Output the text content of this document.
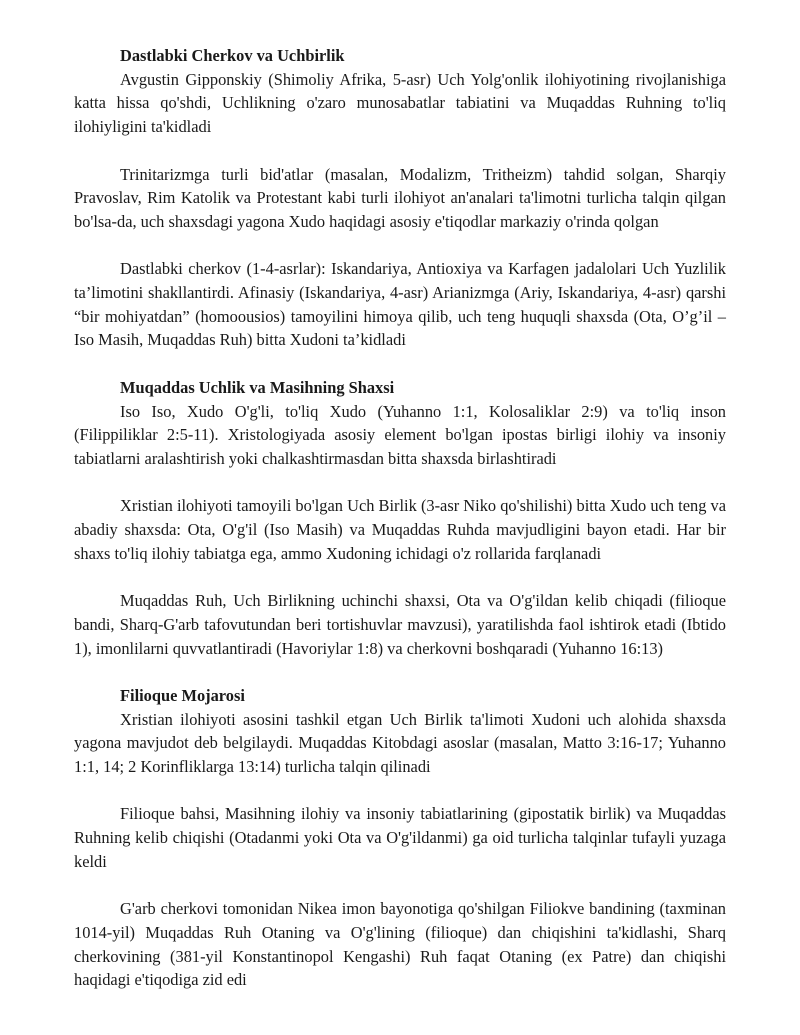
Dastlabki Cherkov va Uchbirlik

Avgustin Gipponskiy (Shimoliy Afrika, 5-asr) Uch Yolg'onlik ilohiyotining rivojlanishiga katta hissa qo'shdi, Uchlikning o'zaro munosabatlar tabiatini va Muqaddas Ruhning to'liq ilohiyligini ta'kidladi

Trinitarizmga turli bid'atlar (masalan, Modalizm, Tritheizm) tahdid solgan, Sharqiy Pravoslav, Rim Katolik va Protestant kabi turli ilohiyot an'analari ta'limotni turlicha talqin qilgan bo'lsa-da, uch shaxsdagi yagona Xudo haqidagi asosiy e'tiqodlar markaziy o'rinda qolgan

Dastlabki cherkov (1-4-asrlar): Iskandariya, Antioxiya va Karfagen jadalolari Uch Yuzlilik ta’limotini shakllantirdi. Afinasiy (Iskandariya, 4-asr) Arianizmga (Ariy, Iskandariya, 4-asr) qarshi “bir mohiyatdan” (homoousios) tamoyilini himoya qilib, uch teng huquqli shaxsda (Ota, O’g’il – Iso Masih, Muqaddas Ruh) bitta Xudoni ta’kidladi

Muqaddas Uchlik va Masihning Shaxsi

Iso Iso, Xudo O'g'li, to'liq Xudo (Yuhanno 1:1, Kolosaliklar 2:9) va to'liq inson (Filippiliklar 2:5-11). Xristologiyada asosiy element bo'lgan ipostas birligi ilohiy va insoniy tabiatlarni aralashtirish yoki chalkashtirmasdan bitta shaxsda birlashtiradi

Xristian ilohiyoti tamoyili bo'lgan Uch Birlik (3-asr Niko qo'shilishi) bitta Xudo uch teng va abadiy shaxsda: Ota, O'g'il (Iso Masih) va Muqaddas Ruhda mavjudligini bayon etadi. Har bir shaxs to'liq ilohiy tabiatga ega, ammo Xudoning ichidagi o'z rollarida farqlanadi

Muqaddas Ruh, Uch Birlikning uchinchi shaxsi, Ota va O'g'ildan kelib chiqadi (filioque bandi, Sharq-G'arb tafovutundan beri tortishuvlar mavzusi), yaratilishda faol ishtirok etadi (Ibtido 1), imonlilarni quvvatlantiradi (Havoriylar 1:8) va cherkovni boshqaradi (Yuhanno 16:13)

Filioque Mojarosi

Xristian ilohiyoti asosini tashkil etgan Uch Birlik ta'limoti Xudoni uch alohida shaxsda yagona mavjudot deb belgilaydi. Muqaddas Kitobdagi asoslar (masalan, Matto 3:16-17; Yuhanno 1:1, 14; 2 Korinfliklarga 13:14) turlicha talqin qilinadi

Filioque bahsi, Masihning ilohiy va insoniy tabiatlarining (gipostatik birlik) va Muqaddas Ruhning kelib chiqishi (Otadanmi yoki Ota va O'g'ildanmi) ga oid turlicha talqinlar tufayli yuzaga keldi

G'arb cherkovi tomonidan Nikea imon bayonotiga qo'shilgan Filiokve bandining (taxminan 1014-yil) Muqaddas Ruh Otaning va O'g'lining (filioque) dan chiqishini ta'kidlashi, Sharq cherkovining (381-yil Konstantinopol Kengashi) Ruh faqat Otaning (ex Patre) dan chiqishi haqidagi e'tiqodiga zid edi
